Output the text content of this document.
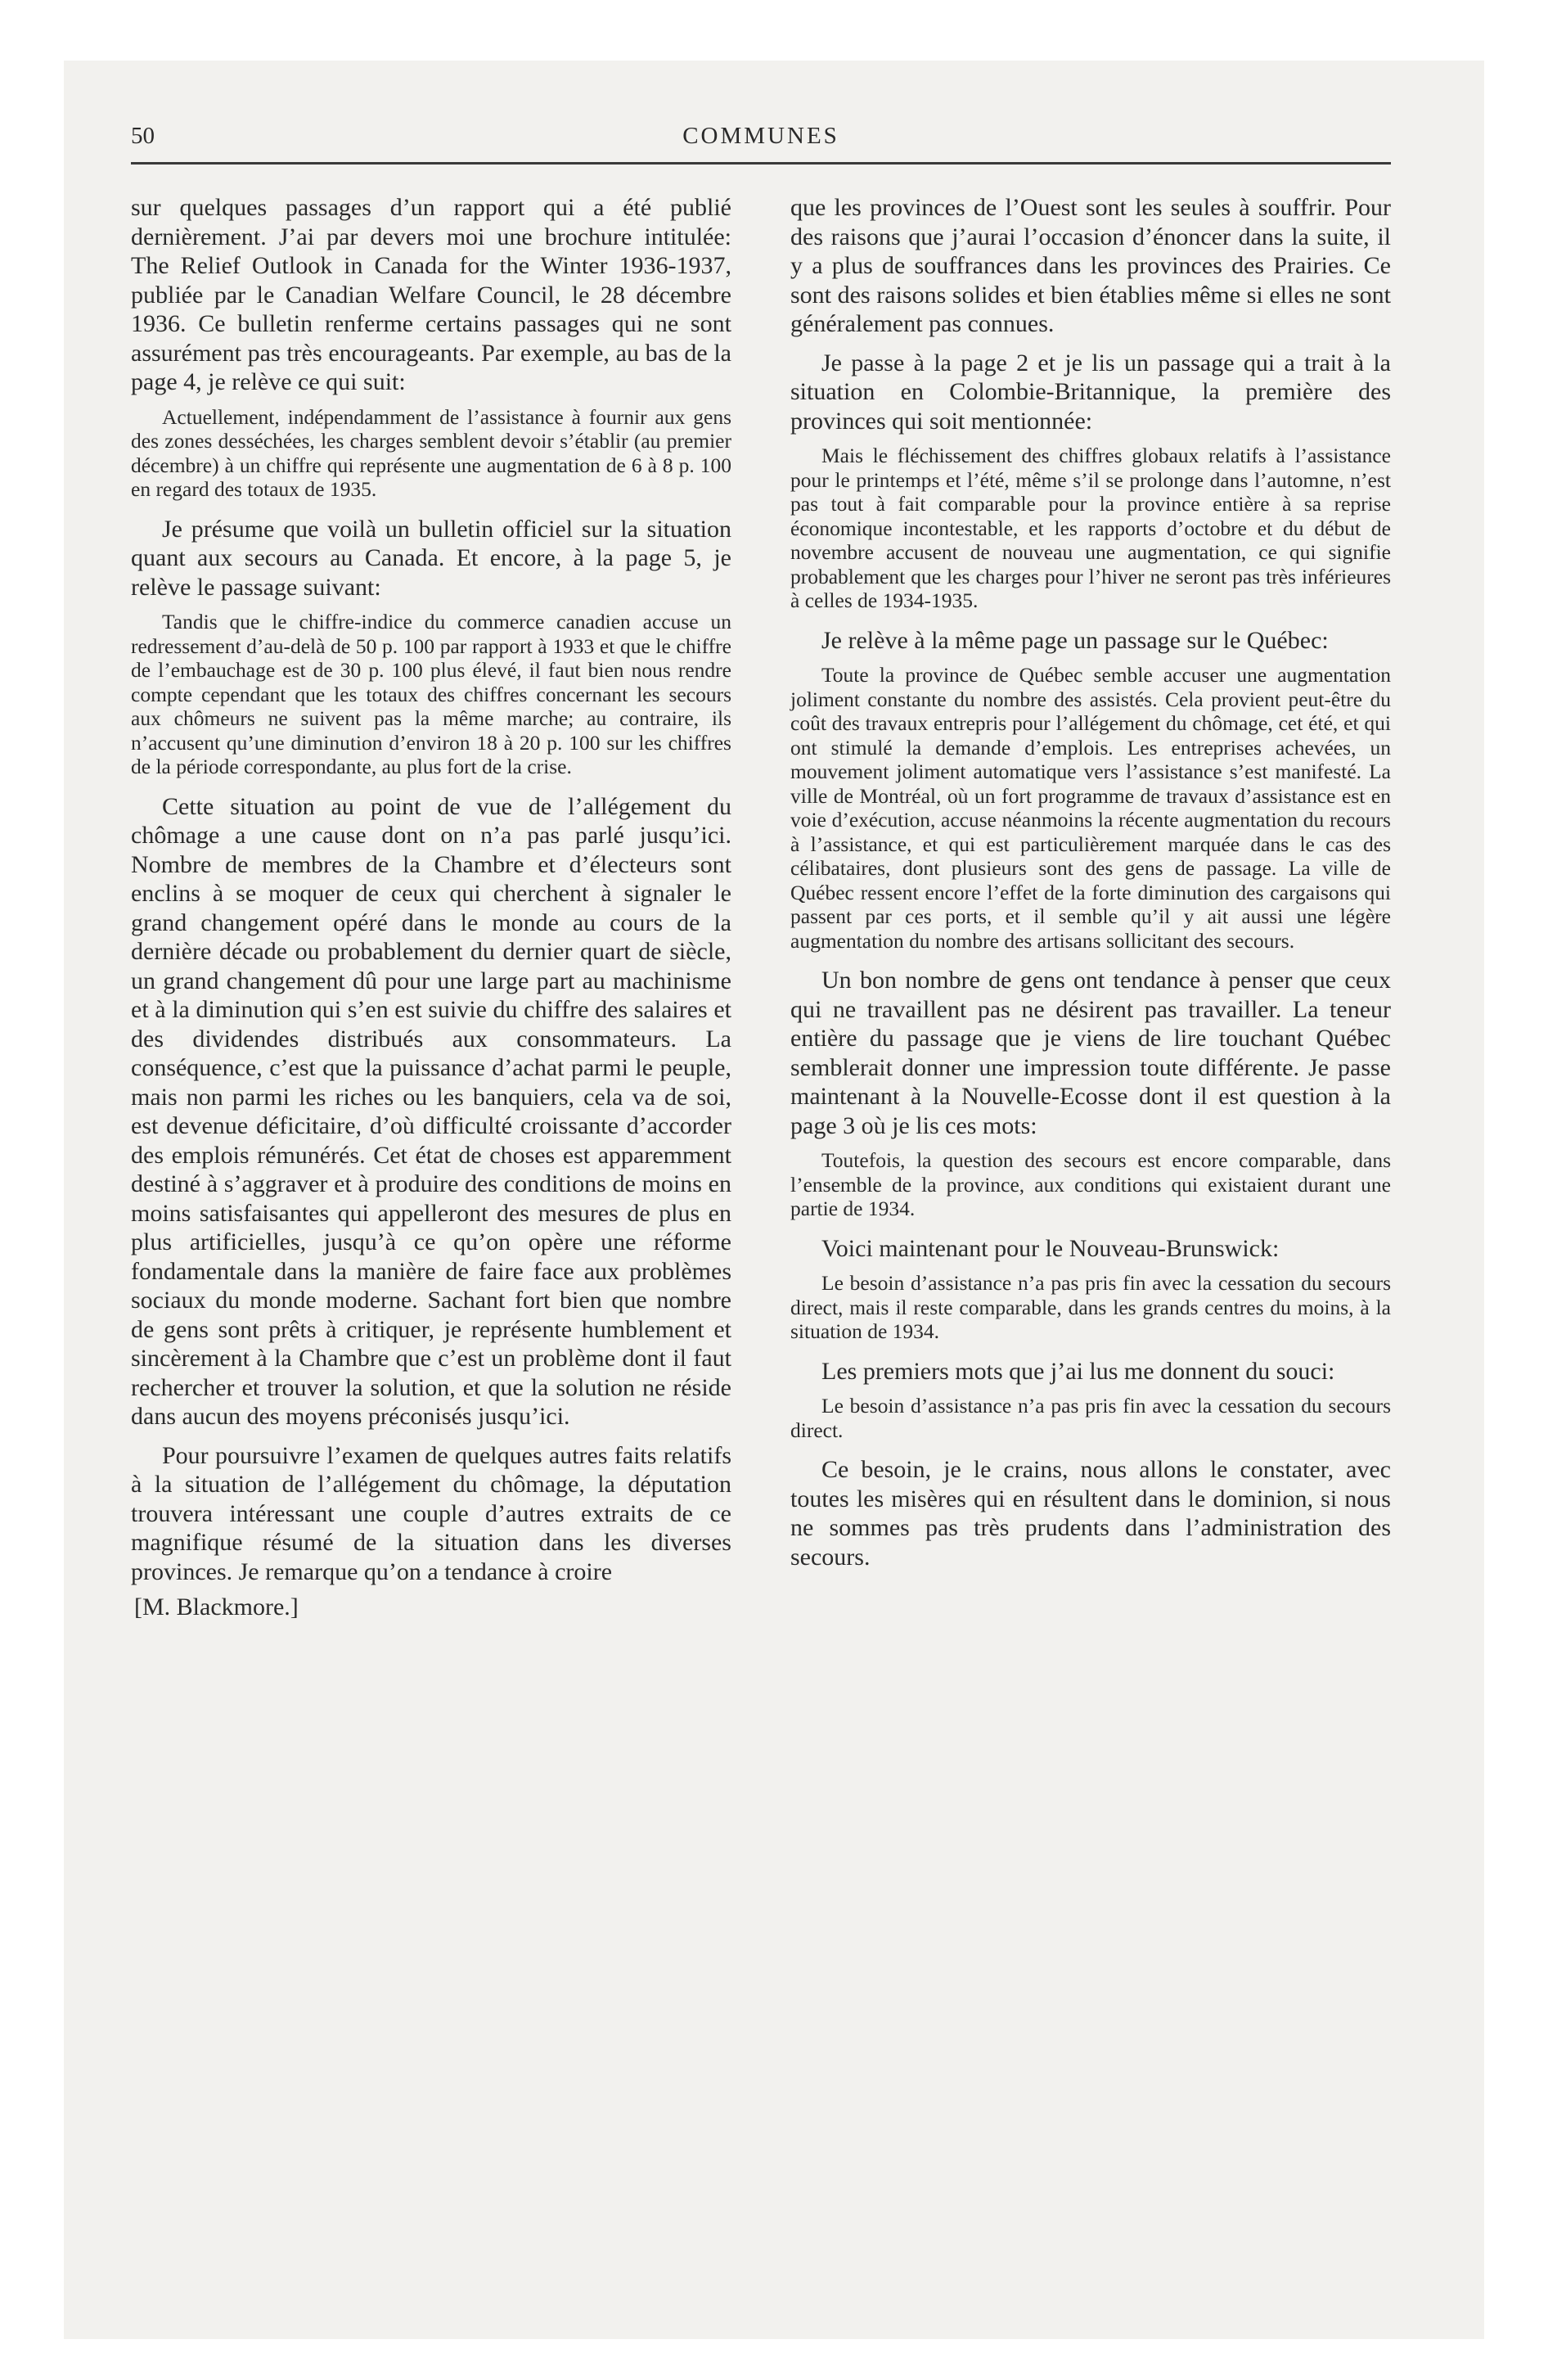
50	COMMUNES

sur quelques passages d’un rapport qui a été publié dernièrement. J’ai par devers moi une brochure intitulée: The Relief Outlook in Canada for the Winter 1936-1937, publiée par le Canadian Welfare Council, le 28 décembre 1936. Ce bulletin renferme certains passages qui ne sont assurément pas très encourageants. Par exemple, au bas de la page 4, je relève ce qui suit:

Actuellement, indépendamment de l’assistance à fournir aux gens des zones desséchées, les charges semblent devoir s’établir (au premier décembre) à un chiffre qui représente une augmentation de 6 à 8 p. 100 en regard des totaux de 1935.

Je présume que voilà un bulletin officiel sur la situation quant aux secours au Canada. Et encore, à la page 5, je relève le passage suivant:

Tandis que le chiffre-indice du commerce canadien accuse un redressement d’au-delà de 50 p. 100 par rapport à 1933 et que le chiffre de l’embauchage est de 30 p. 100 plus élevé, il faut bien nous rendre compte cependant que les totaux des chiffres concernant les secours aux chômeurs ne suivent pas la même marche; au contraire, ils n’accusent qu’une diminution d’environ 18 à 20 p. 100 sur les chiffres de la période correspondante, au plus fort de la crise.

Cette situation au point de vue de l’allégement du chômage a une cause dont on n’a pas parlé jusqu’ici. Nombre de membres de la Chambre et d’électeurs sont enclins à se moquer de ceux qui cherchent à signaler le grand changement opéré dans le monde au cours de la dernière décade ou probablement du dernier quart de siècle, un grand changement dû pour une large part au machinisme et à la diminution qui s’en est suivie du chiffre des salaires et des dividendes distribués aux consommateurs. La conséquence, c’est que la puissance d’achat parmi le peuple, mais non parmi les riches ou les banquiers, cela va de soi, est devenue déficitaire, d’où difficulté croissante d’accorder des emplois rémunérés. Cet état de choses est apparemment destiné à s’aggraver et à produire des conditions de moins en moins satisfaisantes qui appelleront des mesures de plus en plus artificielles, jusqu’à ce qu’on opère une réforme fondamentale dans la manière de faire face aux problèmes sociaux du monde moderne. Sachant fort bien que nombre de gens sont prêts à critiquer, je représente humblement et sincèrement à la Chambre que c’est un problème dont il faut rechercher et trouver la solution, et que la solution ne réside dans aucun des moyens préconisés jusqu’ici.

Pour poursuivre l’examen de quelques autres faits relatifs à la situation de l’allégement du chômage, la députation trouvera intéressant une couple d’autres extraits de ce magnifique résumé de la situation dans les diverses provinces. Je remarque qu’on a tendance à croire

[M. Blackmore.]

que les provinces de l’Ouest sont les seules à souffrir. Pour des raisons que j’aurai l’occasion d’énoncer dans la suite, il y a plus de souffrances dans les provinces des Prairies. Ce sont des raisons solides et bien établies même si elles ne sont généralement pas connues.

Je passe à la page 2 et je lis un passage qui a trait à la situation en Colombie-Britannique, la première des provinces qui soit mentionnée:

Mais le fléchissement des chiffres globaux relatifs à l’assistance pour le printemps et l’été, même s’il se prolonge dans l’automne, n’est pas tout à fait comparable pour la province entière à sa reprise économique incontestable, et les rapports d’octobre et du début de novembre accusent de nouveau une augmentation, ce qui signifie probablement que les charges pour l’hiver ne seront pas très inférieures à celles de 1934-1935.

Je relève à la même page un passage sur le Québec:

Toute la province de Québec semble accuser une augmentation joliment constante du nombre des assistés. Cela provient peut-être du coût des travaux entrepris pour l’allégement du chômage, cet été, et qui ont stimulé la demande d’emplois. Les entreprises achevées, un mouvement joliment automatique vers l’assistance s’est manifesté. La ville de Montréal, où un fort programme de travaux d’assistance est en voie d’exécution, accuse néanmoins la récente augmentation du recours à l’assistance, et qui est particulièrement marquée dans le cas des célibataires, dont plusieurs sont des gens de passage. La ville de Québec ressent encore l’effet de la forte diminution des cargaisons qui passent par ces ports, et il semble qu’il y ait aussi une légère augmentation du nombre des artisans sollicitant des secours.

Un bon nombre de gens ont tendance à penser que ceux qui ne travaillent pas ne désirent pas travailler. La teneur entière du passage que je viens de lire touchant Québec semblerait donner une impression toute différente. Je passe maintenant à la Nouvelle-Ecosse dont il est question à la page 3 où je lis ces mots:

Toutefois, la question des secours est encore comparable, dans l’ensemble de la province, aux conditions qui existaient durant une partie de 1934.

Voici maintenant pour le Nouveau-Brunswick:

Le besoin d’assistance n’a pas pris fin avec la cessation du secours direct, mais il reste comparable, dans les grands centres du moins, à la situation de 1934.

Les premiers mots que j’ai lus me donnent du souci:

Le besoin d’assistance n’a pas pris fin avec la cessation du secours direct.

Ce besoin, je le crains, nous allons le constater, avec toutes les misères qui en résultent dans le dominion, si nous ne sommes pas très prudents dans l’administration des secours.
